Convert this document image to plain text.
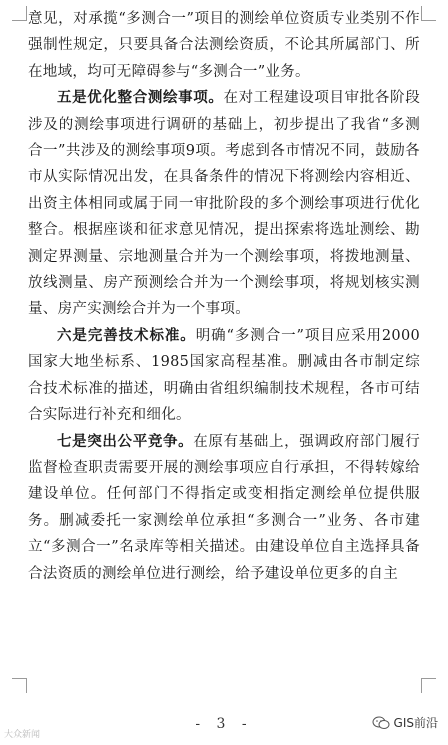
意见，对承揽“多测合一”项目的测绘单位资质专业类别不作强制性规定，只要具备合法测绘资质，不论其所属部门、所在地域，均可无障碍参与“多测合一”业务。

五是优化整合测绘事项。在对工程建设项目审批各阶段涉及的测绘事项进行调研的基础上，初步提出了我省“多测合一”共涉及的测绘事项9项。考虑到各市情况不同，鼓励各市从实际情况出发，在具备条件的情况下将测绘内容相近、出资主体相同或属于同一审批阶段的多个测绘事项进行优化整合。根据座谈和征求意见情况，提出探索将选址测绘、勘测定界测量、宗地测量合并为一个测绘事项，将拨地测量、放线测量、房产预测绘合并为一个测绘事项，将规划核实测量、房产实测绘合并为一个事项。

六是完善技术标准。明确“多测合一”项目应采用2000国家大地坐标系、1985国家高程基准。删减由各市制定综合技术标准的描述，明确由省组织编制技术规程，各市可结合实际进行补充和细化。

七是突出公平竞争。在原有基础上，强调政府部门履行监督检查职责需要开展的测绘事项应自行承担，不得转嫁给建设单位。任何部门不得指定或变相指定测绘单位提供服务。删减委托一家测绘单位承担“多测合一”业务、各市建立“多测合一”名录库等相关描述。由建设单位自主选择具备合法资质的测绘单位进行测绘，给予建设单位更多的自主

- 3 -
大众新闻
GIS前沿
